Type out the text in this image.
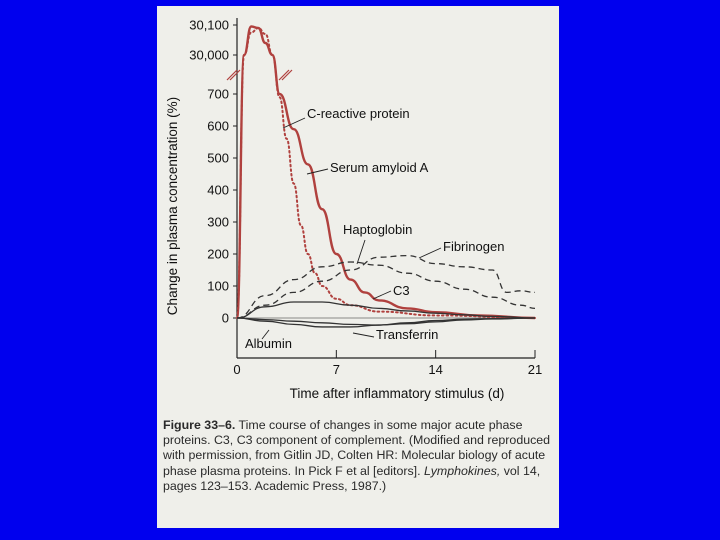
0
100
200
300
400
500
600
700
30,000
30,100
0	7	14	21
C-reactive protein
Serum amyloid A
Haptoglobin
Fibrinogen
C3
Transferrin
Albumin
Time after inflammatory stimulus (d)
Change in plasma concentration (%)
Figure 33–6. Time course of changes in some major acute phase proteins. C3, C3 component of complement. (Modified and reproduced with permission, from Gitlin JD, Colten HR: Molecular biology of acute phase plasma proteins. In Pick F et al [editors]. Lymphokines, vol 14, pages 123–153. Academic Press, 1987.)
